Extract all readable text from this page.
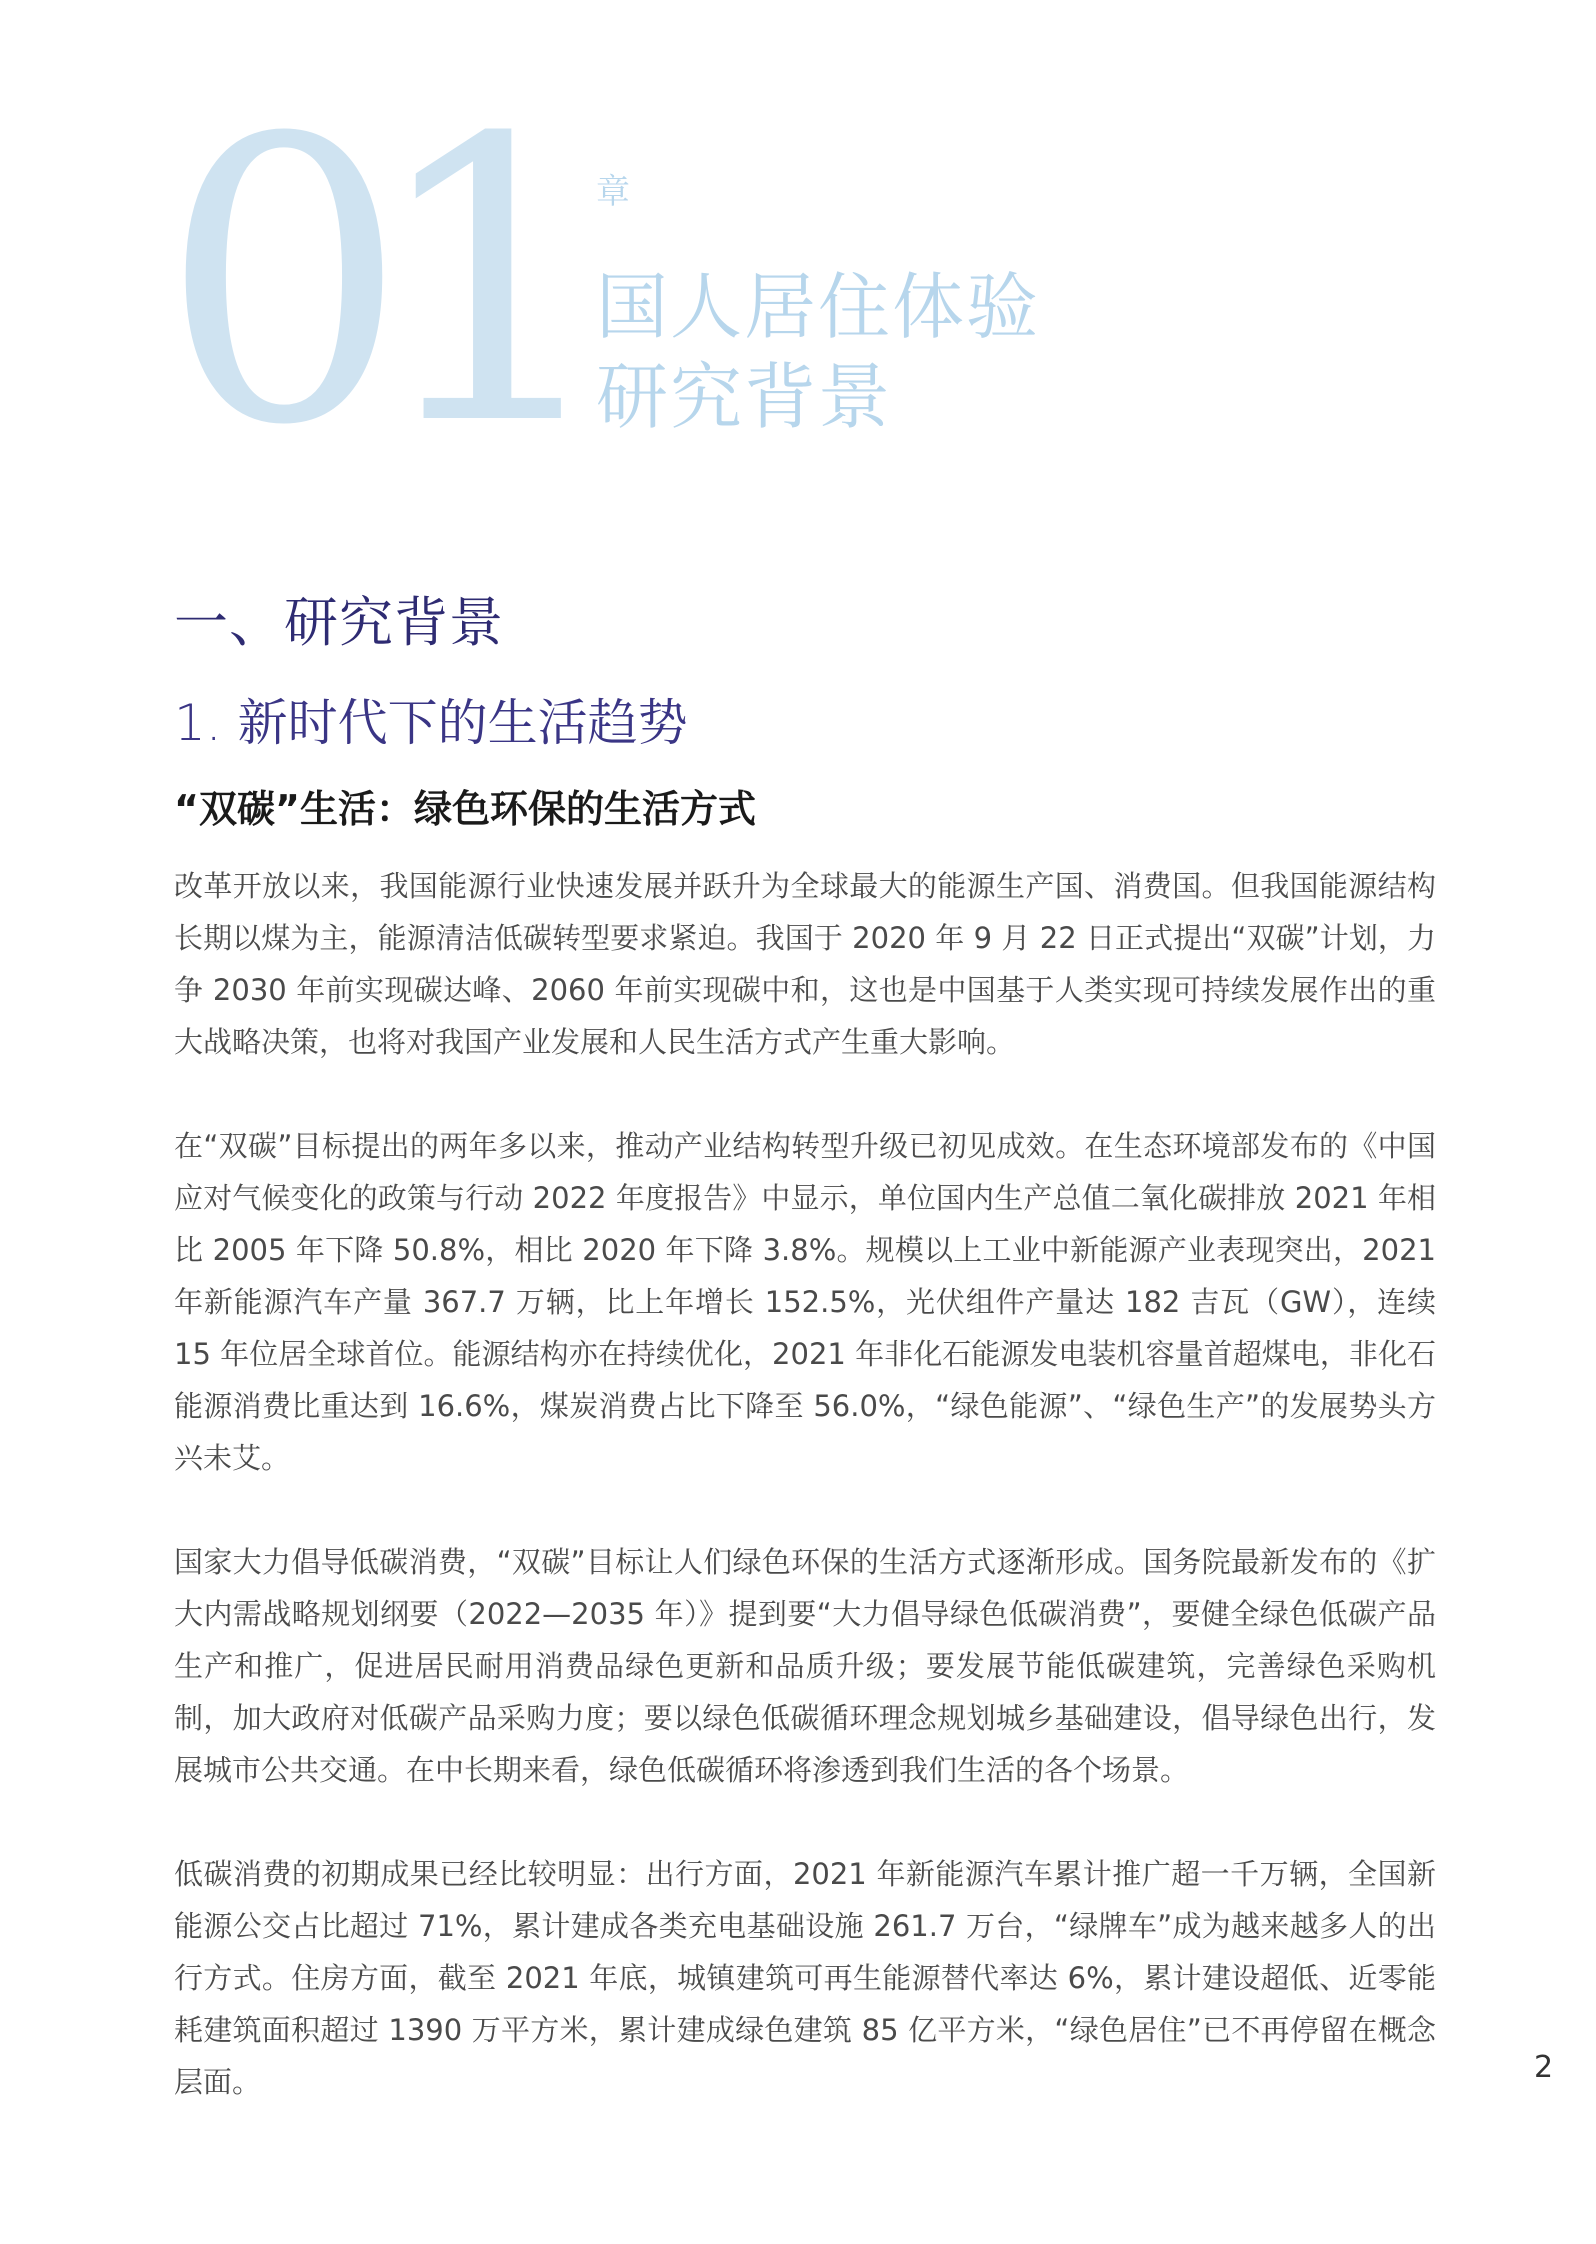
01 章
国人居住体验
研究背景
一、研究背景
1. 新时代下的生活趋势
“双碳”生活：绿色环保的生活方式

改革开放以来，我国能源行业快速发展并跃升为全球最大的能源生产国、消费国。但我国能源结构长期以煤为主，能源清洁低碳转型要求紧迫。我国于 2020 年 9 月 22 日正式提出“双碳”计划，力争 2030 年前实现碳达峰、2060 年前实现碳中和，这也是中国基于人类实现可持续发展作出的重大战略决策，也将对我国产业发展和人民生活方式产生重大影响。

在“双碳”目标提出的两年多以来，推动产业结构转型升级已初见成效。在生态环境部发布的《中国应对气候变化的政策与行动 2022 年度报告》中显示，单位国内生产总值二氧化碳排放 2021 年相比 2005 年下降 50.8%，相比 2020 年下降 3.8%。规模以上工业中新能源产业表现突出，2021 年新能源汽车产量 367.7 万辆，比上年增长 152.5%，光伏组件产量达 182 吉瓦（GW），连续 15 年位居全球首位。能源结构亦在持续优化，2021 年非化石能源发电装机容量首超煤电，非化石能源消费比重达到 16.6%，煤炭消费占比下降至 56.0%，“绿色能源”、“绿色生产”的发展势头方兴未艾。

国家大力倡导低碳消费，“双碳”目标让人们绿色环保的生活方式逐渐形成。国务院最新发布的《扩大内需战略规划纲要（2022—2035 年）》提到要“大力倡导绿色低碳消费”，要健全绿色低碳产品生产和推广，促进居民耐用消费品绿色更新和品质升级；要发展节能低碳建筑，完善绿色采购机制，加大政府对低碳产品采购力度；要以绿色低碳循环理念规划城乡基础建设，倡导绿色出行，发展城市公共交通。在中长期来看，绿色低碳循环将渗透到我们生活的各个场景。

低碳消费的初期成果已经比较明显：出行方面，2021 年新能源汽车累计推广超一千万辆，全国新能源公交占比超过 71%，累计建成各类充电基础设施 261.7 万台，“绿牌车”成为越来越多人的出行方式。住房方面，截至 2021 年底，城镇建筑可再生能源替代率达 6%，累计建设超低、近零能耗建筑面积超过 1390 万平方米，累计建成绿色建筑 85 亿平方米，“绿色居住”已不再停留在概念层面。	2
